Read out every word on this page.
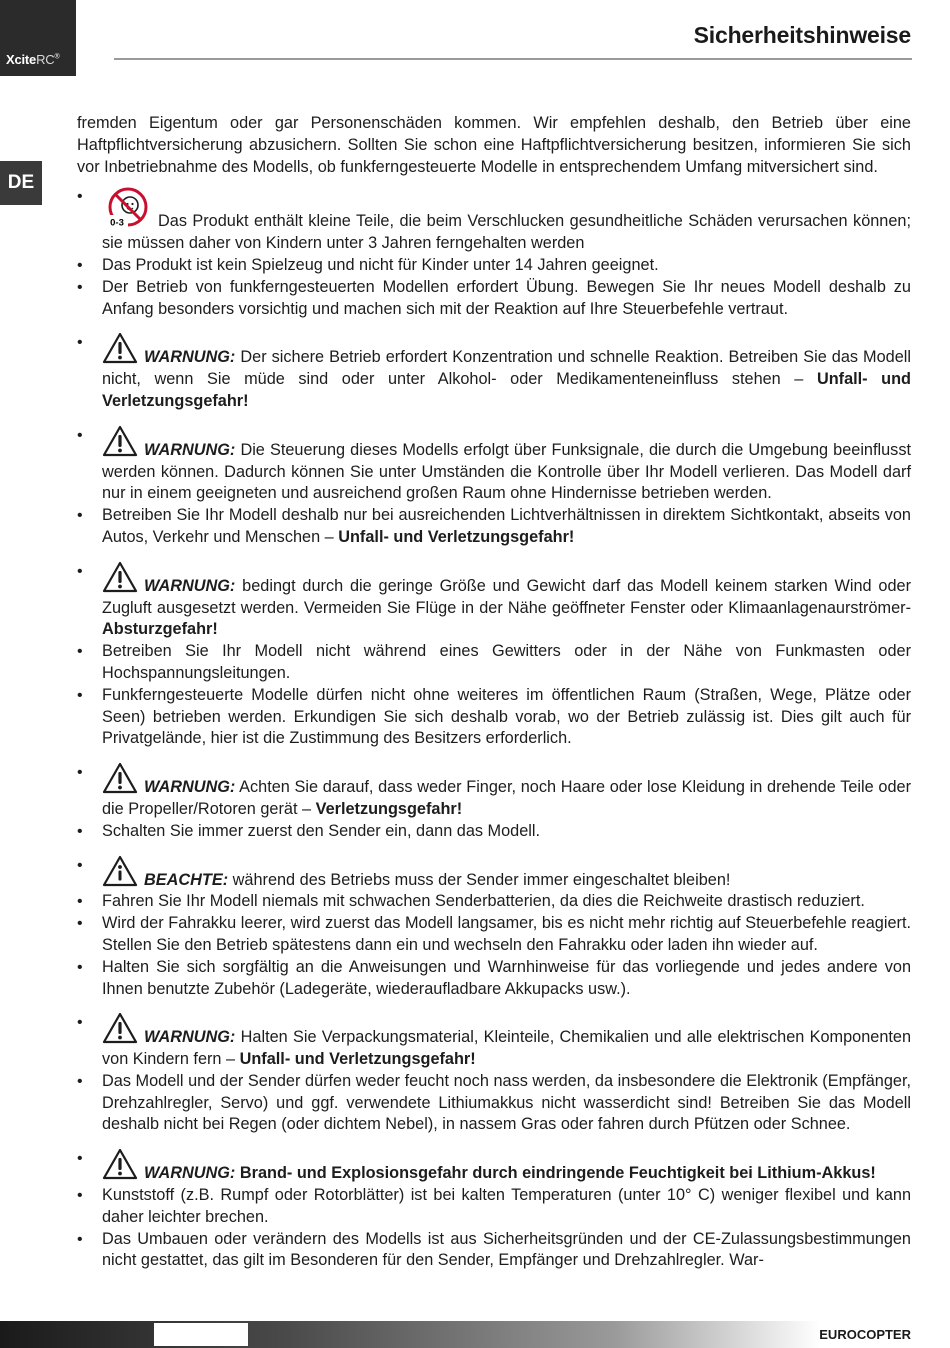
XciteRC®
Sicherheitshinweise
DE

fremden Eigentum oder gar Personenschäden kommen. Wir empfehlen deshalb, den Betrieb über eine Haftpflichtversicherung abzusichern. Sollten Sie schon eine Haftpflichtversicherung besitzen, informieren Sie sich vor Inbetriebnahme des Modells, ob funkferngesteuerte Modelle in entsprechendem Umfang mitversichert sind.

• 0-3 Das Produkt enthält kleine Teile, die beim Verschlucken gesundheitliche Schäden verursachen können; sie müssen daher von Kindern unter 3 Jahren ferngehalten werden
• Das Produkt ist kein Spielzeug und nicht für Kinder unter 14 Jahren geeignet.
• Der Betrieb von funkferngesteuerten Modellen erfordert Übung. Bewegen Sie Ihr neues Modell deshalb zu Anfang besonders vorsichtig und machen sich mit der Reaktion auf Ihre Steuerbefehle vertraut.
• WARNUNG: Der sichere Betrieb erfordert Konzentration und schnelle Reaktion. Betreiben Sie das Modell nicht, wenn Sie müde sind oder unter Alkohol- oder Medikamenteneinfluss stehen – Unfall- und Verletzungsgefahr!
• WARNUNG: Die Steuerung dieses Modells erfolgt über Funksignale, die durch die Umgebung beeinflusst werden können. Dadurch können Sie unter Umständen die Kontrolle über Ihr Modell verlieren. Das Modell darf nur in einem geeigneten und ausreichend großen Raum ohne Hindernisse betrieben werden.
• Betreiben Sie Ihr Modell deshalb nur bei ausreichenden Lichtverhältnissen in direktem Sichtkontakt, abseits von Autos, Verkehr und Menschen – Unfall- und Verletzungsgefahr!
• WARNUNG: bedingt durch die geringe Größe und Gewicht darf das Modell keinem starken Wind oder Zugluft ausgesetzt werden. Vermeiden Sie Flüge in der Nähe geöffneter Fenster oder Klimaanlagenaurströmer- Absturzgefahr!
• Betreiben Sie Ihr Modell nicht während eines Gewitters oder in der Nähe von Funkmasten oder Hochspannungsleitungen.
• Funkferngesteuerte Modelle dürfen nicht ohne weiteres im öffentlichen Raum (Straßen, Wege, Plätze oder Seen) betrieben werden. Erkundigen Sie sich deshalb vorab, wo der Betrieb zulässig ist. Dies gilt auch für Privatgelände, hier ist die Zustimmung des Besitzers erforderlich.
• WARNUNG: Achten Sie darauf, dass weder Finger, noch Haare oder lose Kleidung in drehende Teile oder die Propeller/Rotoren gerät – Verletzungsgefahr!
• Schalten Sie immer zuerst den Sender ein, dann das Modell.
• BEACHTE: während des Betriebs muss der Sender immer eingeschaltet bleiben!
• Fahren Sie Ihr Modell niemals mit schwachen Senderbatterien, da dies die Reichweite drastisch reduziert.
• Wird der Fahrakku leerer, wird zuerst das Modell langsamer, bis es nicht mehr richtig auf Steuerbefehle reagiert. Stellen Sie den Betrieb spätestens dann ein und wechseln den Fahrakku oder laden ihn wieder auf.
• Halten Sie sich sorgfältig an die Anweisungen und Warnhinweise für das vorliegende und jedes andere von Ihnen benutzte Zubehör (Ladegeräte, wiederaufladbare Akkupacks usw.).
• WARNUNG: Halten Sie Verpackungsmaterial, Kleinteile, Chemikalien und alle elektrischen Komponenten von Kindern fern – Unfall- und Verletzungsgefahr!
• Das Modell und der Sender dürfen weder feucht noch nass werden, da insbesondere die Elektronik (Empfänger, Drehzahlregler, Servo) und ggf. verwendete Lithiumakkus nicht wasserdicht sind! Betreiben Sie das Modell deshalb nicht bei Regen (oder dichtem Nebel), in nassem Gras oder fahren durch Pfützen oder Schnee.
• WARNUNG: Brand- und Explosionsgefahr durch eindringende Feuchtigkeit bei Lithium-Akkus!
• Kunststoff (z.B. Rumpf oder Rotorblätter) ist bei kalten Temperaturen (unter 10° C) weniger flexibel und kann daher leichter brechen.
• Das Umbauen oder verändern des Modells ist aus Sicherheitsgründen und der CE-Zulassungsbestimmungen nicht gestattet, das gilt im Besonderen für den Sender, Empfänger und Drehzahlregler. War-
EUROCOPTER
